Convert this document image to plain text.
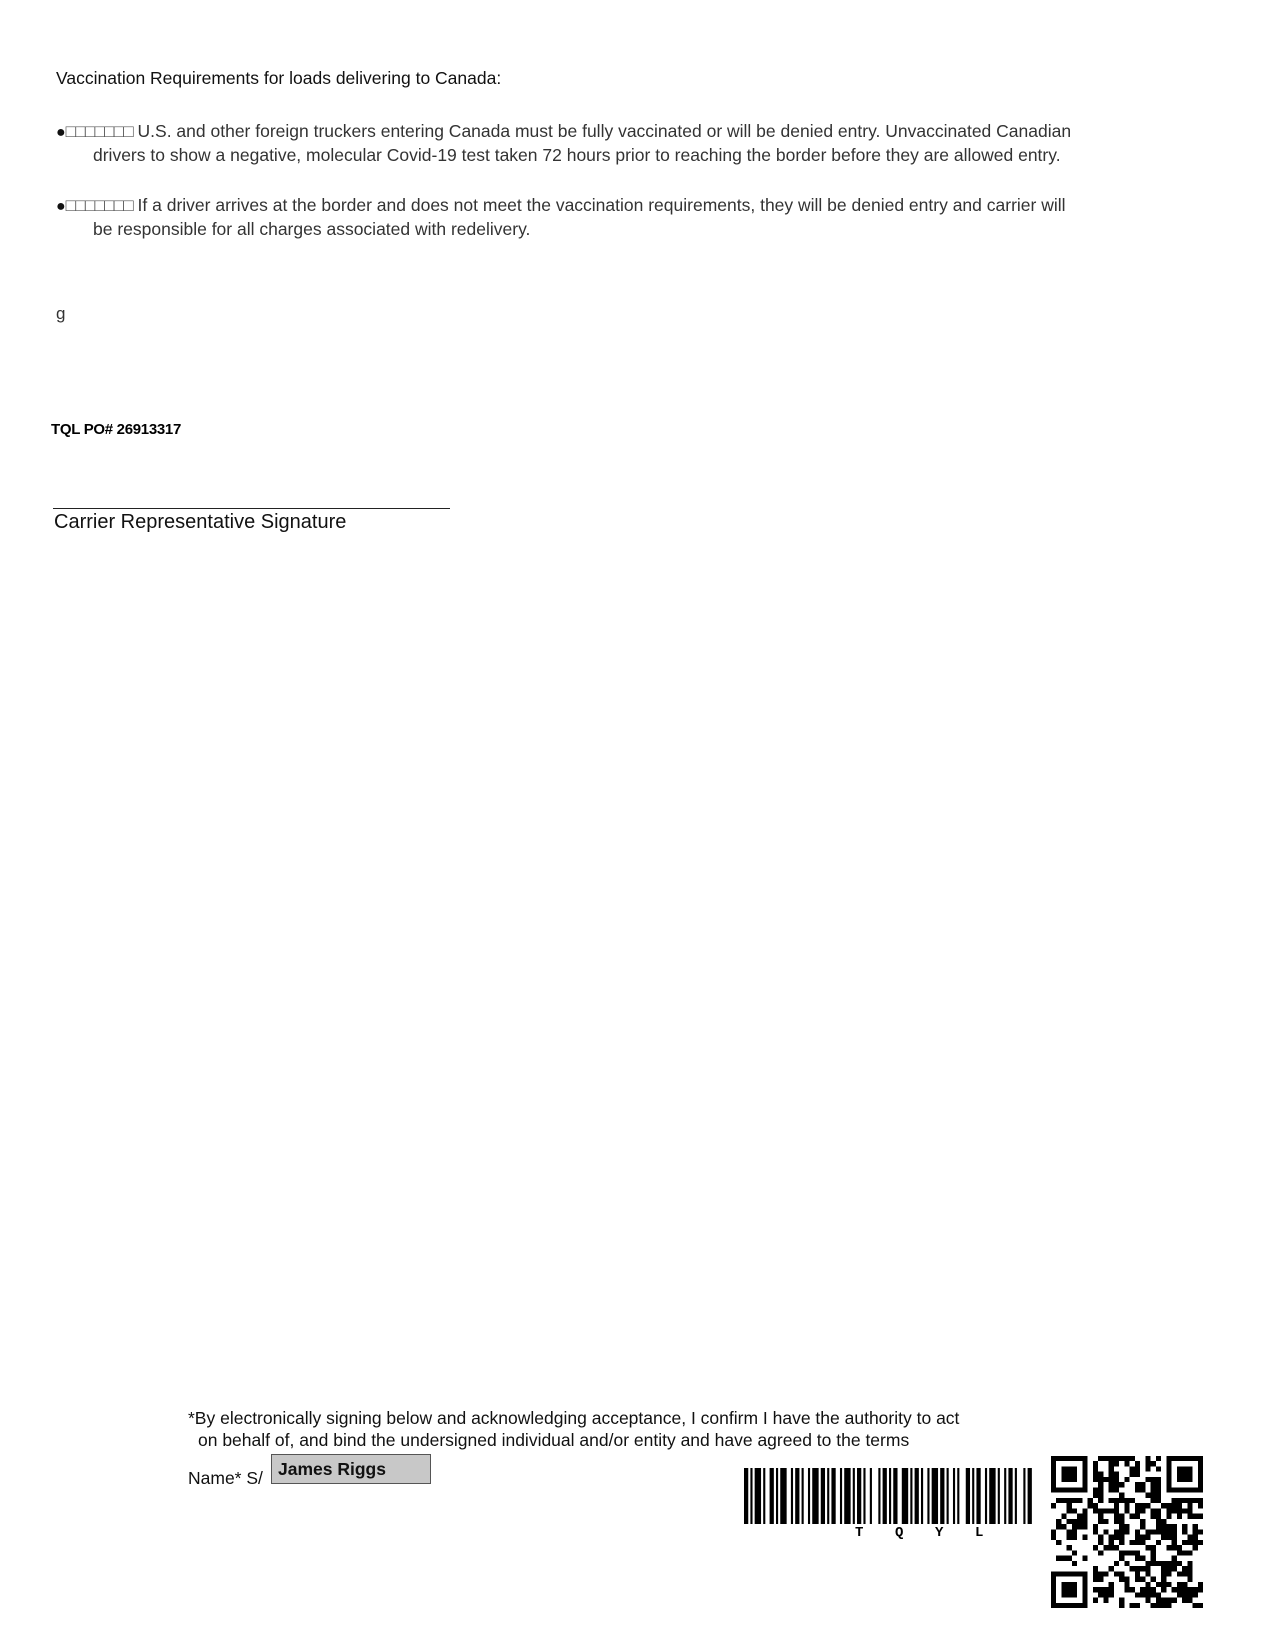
Vaccination Requirements for loads delivering to Canada:
●□□□□□□□ U.S. and other foreign truckers entering Canada must be fully vaccinated or will be denied entry. Unvaccinated Canadian
drivers to show a negative, molecular Covid-19 test taken 72 hours prior to reaching the border before they are allowed entry.
●□□□□□□□ If a driver arrives at the border and does not meet the vaccination requirements, they will be denied entry and carrier will
be responsible for all charges associated with redelivery.
g
TQL PO# 26913317
Carrier Representative Signature
*By electronically signing below and acknowledging acceptance, I confirm I have the authority to act
on behalf of, and bind the undersigned individual and/or entity and have agreed to the terms
Name* S/ James Riggs
T Q Y L
